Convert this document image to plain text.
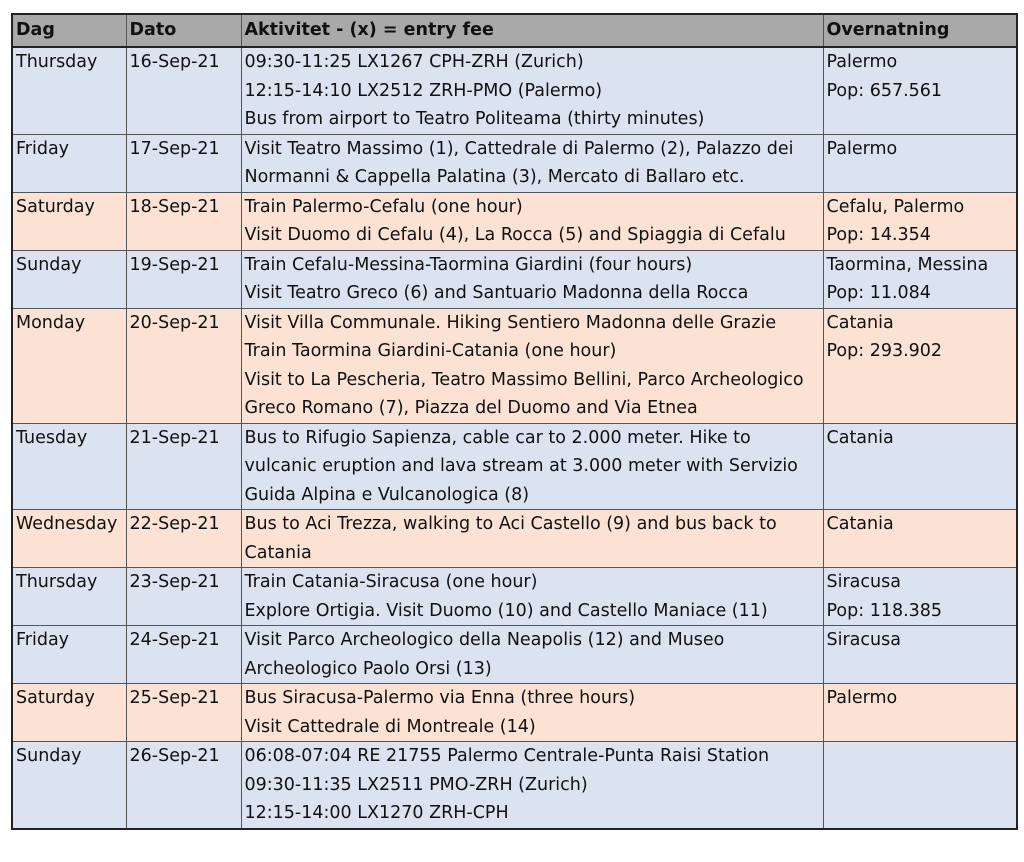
Dag	Dato	Aktivitet - (x) = entry fee	Overnatning
Thursday	16-Sep-21	09:30-11:25 LX1267 CPH-ZRH (Zurich)
12:15-14:10 LX2512 ZRH-PMO (Palermo)
Bus from airport to Teatro Politeama (thirty minutes)	Palermo
Pop: 657.561

Friday	17-Sep-21	Visit Teatro Massimo (1), Cattedrale di Palermo (2), Palazzo dei
Normanni & Cappella Palatina (3), Mercato di Ballaro etc.	Palermo

Saturday	18-Sep-21	Train Palermo-Cefalu (one hour)
Visit Duomo di Cefalu (4), La Rocca (5) and Spiaggia di Cefalu	Cefalu, Palermo
Pop: 14.354

Sunday	19-Sep-21	Train Cefalu-Messina-Taormina Giardini (four hours)
Visit Teatro Greco (6) and Santuario Madonna della Rocca	Taormina, Messina
Pop: 11.084

Monday	20-Sep-21	Visit Villa Communale. Hiking Sentiero Madonna delle Grazie
Train Taormina Giardini-Catania (one hour)
Visit to La Pescheria, Teatro Massimo Bellini, Parco Archeologico
Greco Romano (7), Piazza del Duomo and Via Etnea	Catania
Pop: 293.902

Tuesday	21-Sep-21	Bus to Rifugio Sapienza, cable car to 2.000 meter. Hike to
vulcanic eruption and lava stream at 3.000 meter with Servizio
Guida Alpina e Vulcanologica (8)	Catania

Wednesday	22-Sep-21	Bus to Aci Trezza, walking to Aci Castello (9) and bus back to
Catania	Catania

Thursday	23-Sep-21	Train Catania-Siracusa (one hour)
Explore Ortigia. Visit Duomo (10) and Castello Maniace (11)	Siracusa
Pop: 118.385

Friday	24-Sep-21	Visit Parco Archeologico della Neapolis (12) and Museo
Archeologico Paolo Orsi (13)	Siracusa

Saturday	25-Sep-21	Bus Siracusa-Palermo via Enna (three hours)
Visit Cattedrale di Montreale (14)	Palermo

Sunday	26-Sep-21	06:08-07:04 RE 21755 Palermo Centrale-Punta Raisi Station
09:30-11:35 LX2511 PMO-ZRH (Zurich)
12:15-14:00 LX1270 ZRH-CPH	
